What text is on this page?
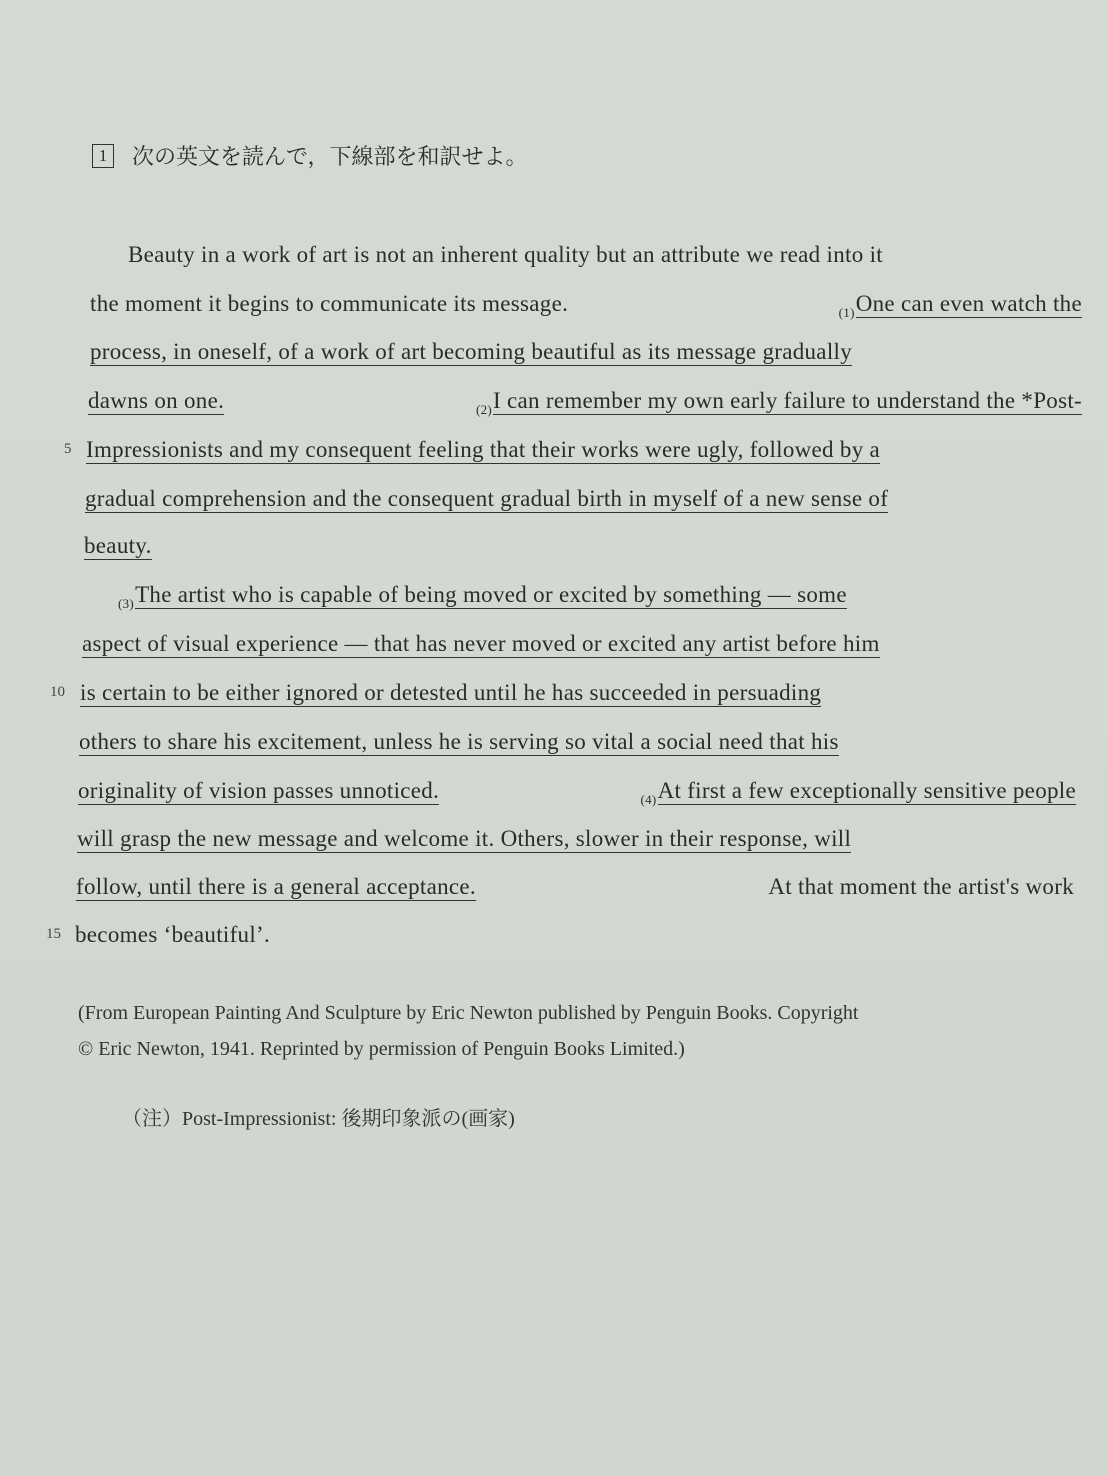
1	次の英文を読んで，下線部を和訳せよ。
Beauty in a work of art is not an inherent quality but an attribute we read into it
the moment it begins to communicate its message.	$_{(1)}$One can even watch the
process, in oneself, of a work of art becoming beautiful as its message gradually
dawns on one.	$_{(2)}$I can remember my own early failure to understand the *Post-
Impressionists and my consequent feeling that their works were ugly, followed by a
5
gradual comprehension and the consequent gradual birth in myself of a new sense of
beauty.
$_{(3)}$The artist who is capable of being moved or excited by something — some
aspect of visual experience — that has never moved or excited any artist before him
is certain to be either ignored or detested until he has succeeded in persuading
10
others to share his excitement, unless he is serving so vital a social need that his
originality of vision passes unnoticed.	$_{(4)}$At first a few exceptionally sensitive people
will grasp the new message and welcome it. Others, slower in their response, will
follow, until there is a general acceptance.	At that moment the artist's work
becomes ‘beautiful’.
15
(From European Painting And Sculpture by Eric Newton published by Penguin Books. Copyright
© Eric Newton, 1941. Reprinted by permission of Penguin Books Limited.)
（注）Post-Impressionist: 後期印象派の(画家)
